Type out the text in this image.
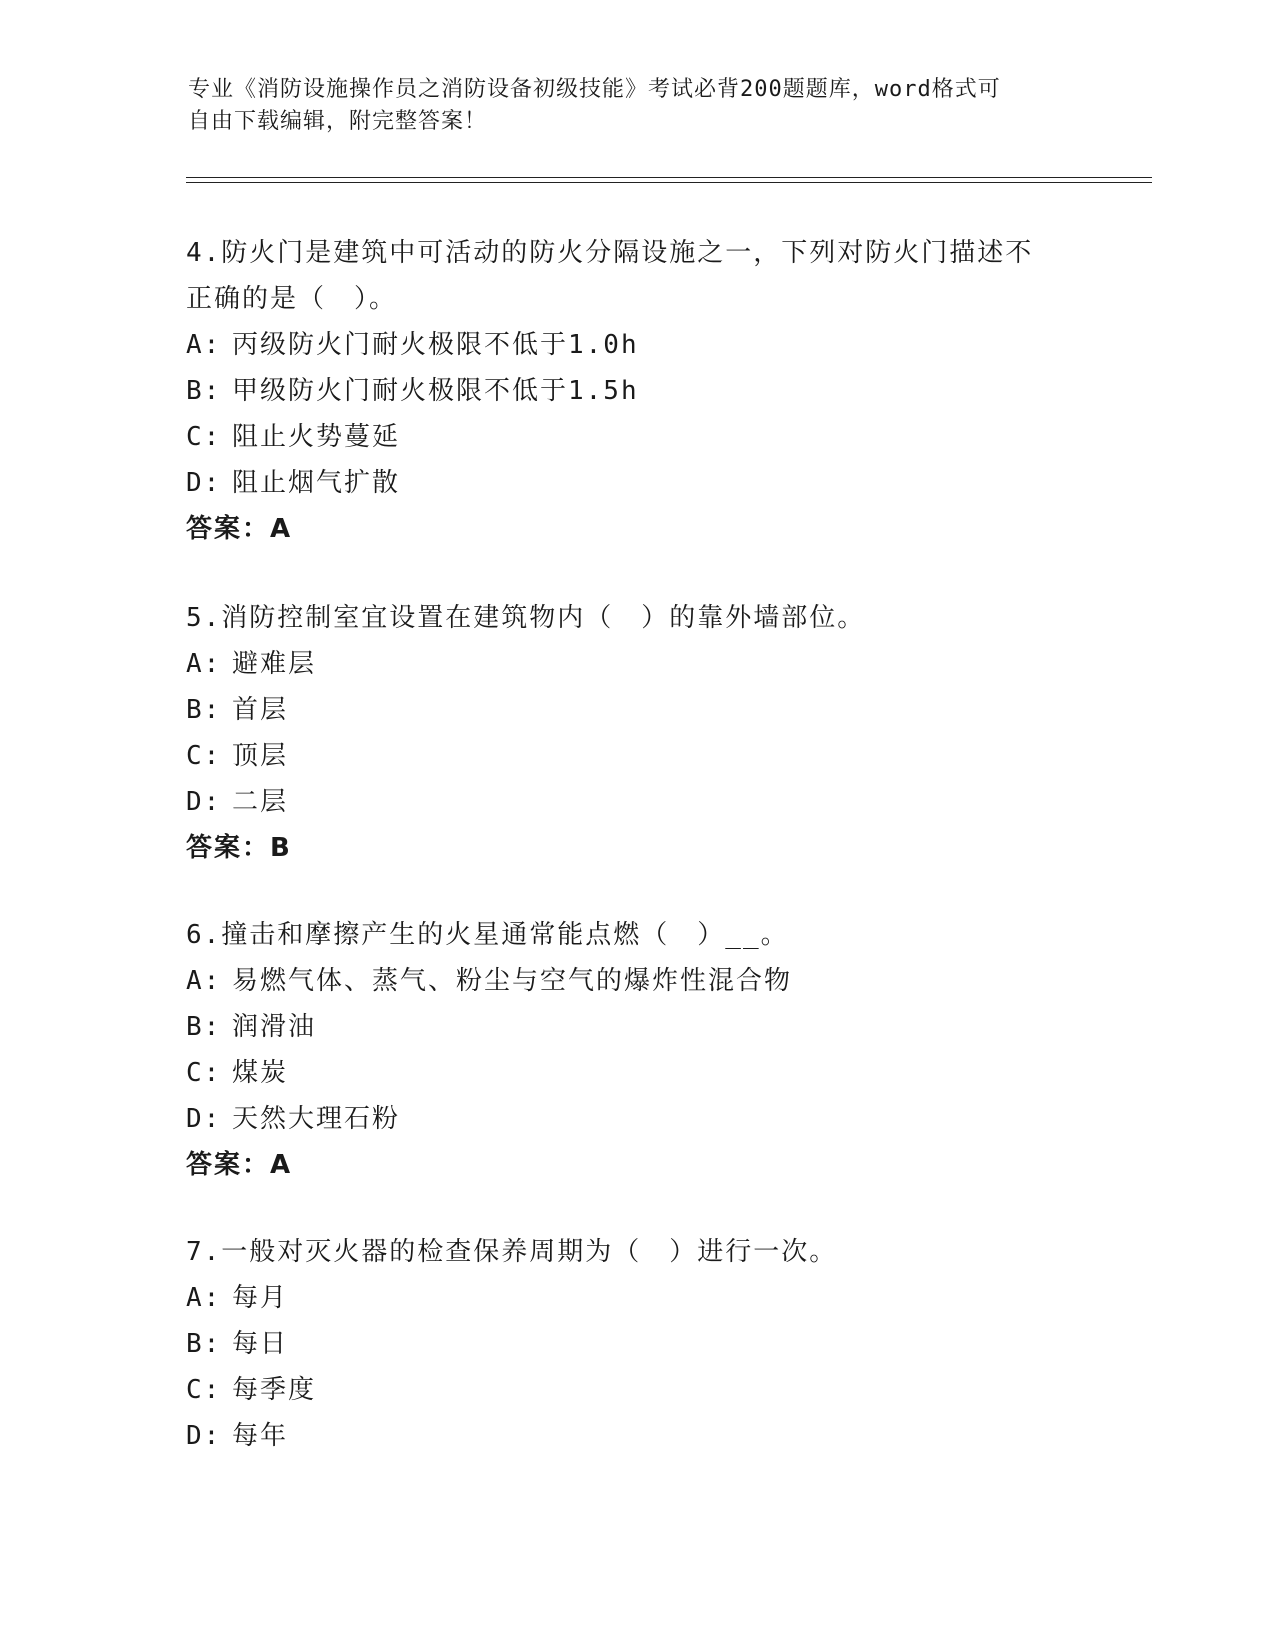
专业《消防设施操作员之消防设备初级技能》考试必背200题题库，word格式可
自由下载编辑，附完整答案！

4.防火门是建筑中可活动的防火分隔设施之一，下列对防火门描述不

正确的是（　）。

A: 丙级防火门耐火极限不低于1.0h

B: 甲级防火门耐火极限不低于1.5h

C: 阻止火势蔓延

D: 阻止烟气扩散

答案：A

5.消防控制室宜设置在建筑物内（　）的靠外墙部位。

A: 避难层

B: 首层

C: 顶层

D: 二层

答案：B

6.撞击和摩擦产生的火星通常能点燃（　）__。

A: 易燃气体、蒸气、粉尘与空气的爆炸性混合物

B: 润滑油

C: 煤炭

D: 天然大理石粉

答案：A

7.一般对灭火器的检查保养周期为（　）进行一次。

A: 每月

B: 每日

C: 每季度

D: 每年
